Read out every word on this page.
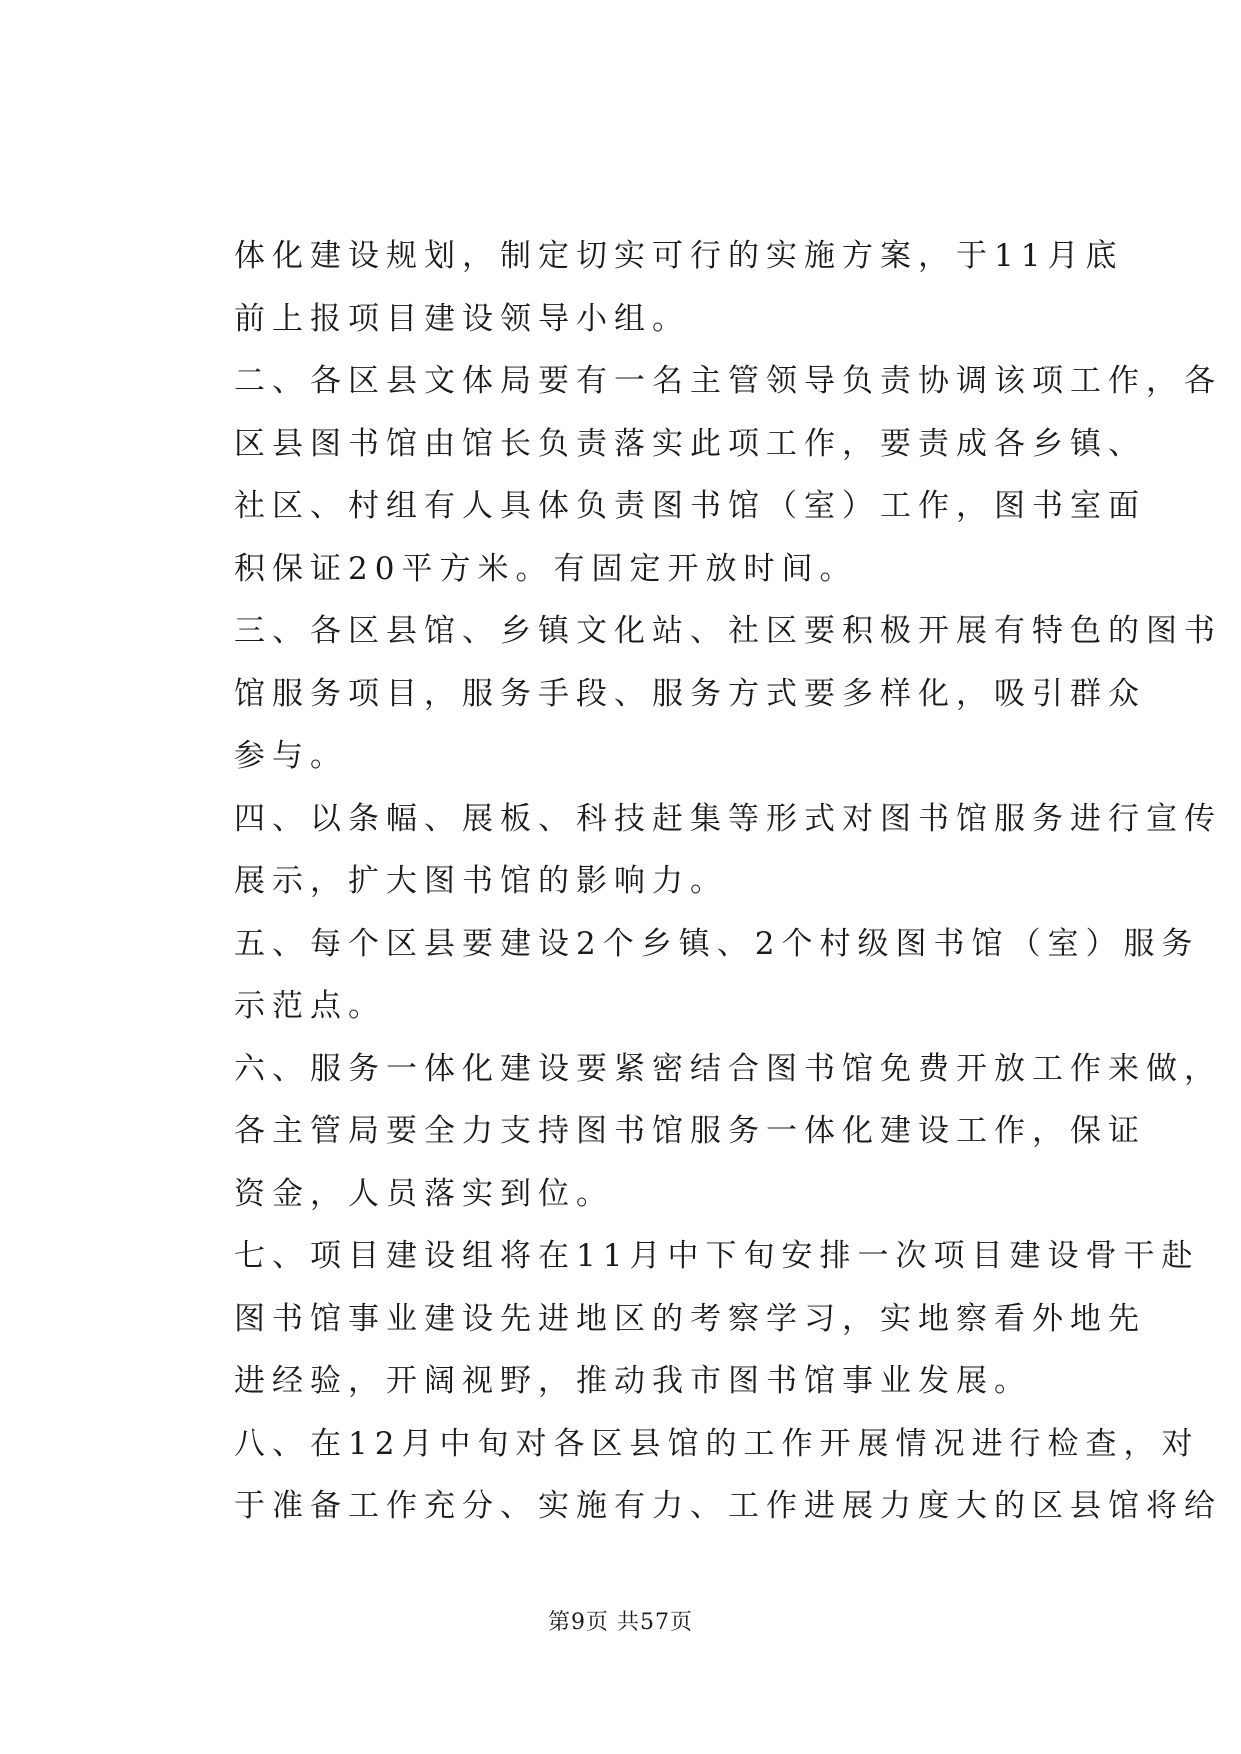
体化建设规划，制定切实可行的实施方案，于11月底
前上报项目建设领导小组。
二、各区县文体局要有一名主管领导负责协调该项工作，各
区县图书馆由馆长负责落实此项工作，要责成各乡镇、
社区、村组有人具体负责图书馆（室）工作，图书室面
积保证20平方米。有固定开放时间。
三、各区县馆、乡镇文化站、社区要积极开展有特色的图书
馆服务项目，服务手段、服务方式要多样化，吸引群众
参与。
四、以条幅、展板、科技赶集等形式对图书馆服务进行宣传
展示，扩大图书馆的影响力。
五、每个区县要建设2个乡镇、2个村级图书馆（室）服务
示范点。
六、服务一体化建设要紧密结合图书馆免费开放工作来做，
各主管局要全力支持图书馆服务一体化建设工作，保证
资金，人员落实到位。
七、项目建设组将在11月中下旬安排一次项目建设骨干赴
图书馆事业建设先进地区的考察学习，实地察看外地先
进经验，开阔视野，推动我市图书馆事业发展。
八、在12月中旬对各区县馆的工作开展情况进行检查，对
于准备工作充分、实施有力、工作进展力度大的区县馆将给
第9页 共57页
